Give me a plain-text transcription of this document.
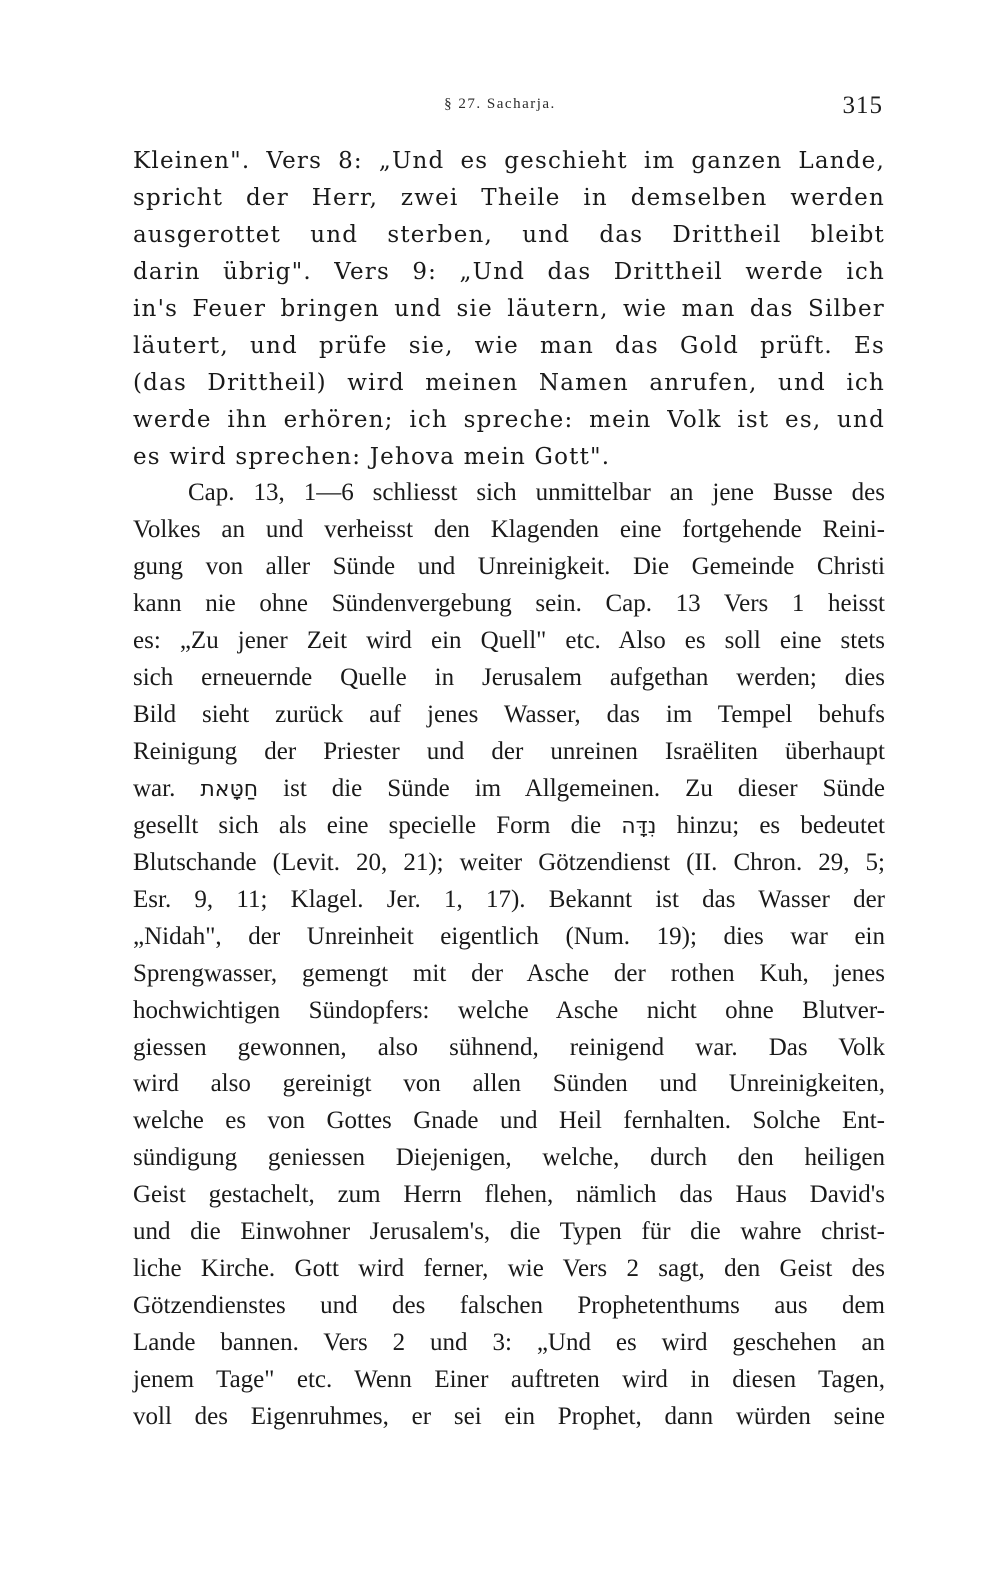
§ 27. Sacharja.	315
Kleinen". Vers 8: „Und es geschieht im ganzen Lande,
spricht der Herr, zwei Theile in demselben werden
ausgerottet und sterben, und das Drittheil bleibt
darin übrig". Vers 9: „Und das Drittheil werde ich
in's Feuer bringen und sie läutern, wie man das Silber
läutert, und prüfe sie, wie man das Gold prüft. Es
(das Drittheil) wird meinen Namen anrufen, und ich
werde ihn erhören; ich spreche: mein Volk ist es, und
es wird sprechen: Jehova mein Gott".
Cap. 13, 1—6 schliesst sich unmittelbar an jene Busse des
Volkes an und verheisst den Klagenden eine fortgehende Reini-
gung von aller Sünde und Unreinigkeit. Die Gemeinde Christi
kann nie ohne Sündenvergebung sein. Cap. 13 Vers 1 heisst
es: „Zu jener Zeit wird ein Quell" etc. Also es soll eine stets
sich erneuernde Quelle in Jerusalem aufgethan werden; dies
Bild sieht zurück auf jenes Wasser, das im Tempel behufs
Reinigung der Priester und der unreinen Israëliten überhaupt
war. חַטָּאת ist die Sünde im Allgemeinen. Zu dieser Sünde
gesellt sich als eine specielle Form die נִדָּה hinzu; es bedeutet
Blutschande (Levit. 20, 21); weiter Götzendienst (II. Chron. 29, 5;
Esr. 9, 11; Klagel. Jer. 1, 17). Bekannt ist das Wasser der
„Nidah", der Unreinheit eigentlich (Num. 19); dies war ein
Sprengwasser, gemengt mit der Asche der rothen Kuh, jenes
hochwichtigen Sündopfers: welche Asche nicht ohne Blutver-
giessen gewonnen, also sühnend, reinigend war. Das Volk
wird also gereinigt von allen Sünden und Unreinigkeiten,
welche es von Gottes Gnade und Heil fernhalten. Solche Ent-
sündigung geniessen Diejenigen, welche, durch den heiligen
Geist gestachelt, zum Herrn flehen, nämlich das Haus David's
und die Einwohner Jerusalem's, die Typen für die wahre christ-
liche Kirche. Gott wird ferner, wie Vers 2 sagt, den Geist des
Götzendienstes und des falschen Prophetenthums aus dem
Lande bannen. Vers 2 und 3: „Und es wird geschehen an
jenem Tage" etc. Wenn Einer auftreten wird in diesen Tagen,
voll des Eigenruhmes, er sei ein Prophet, dann würden seine
